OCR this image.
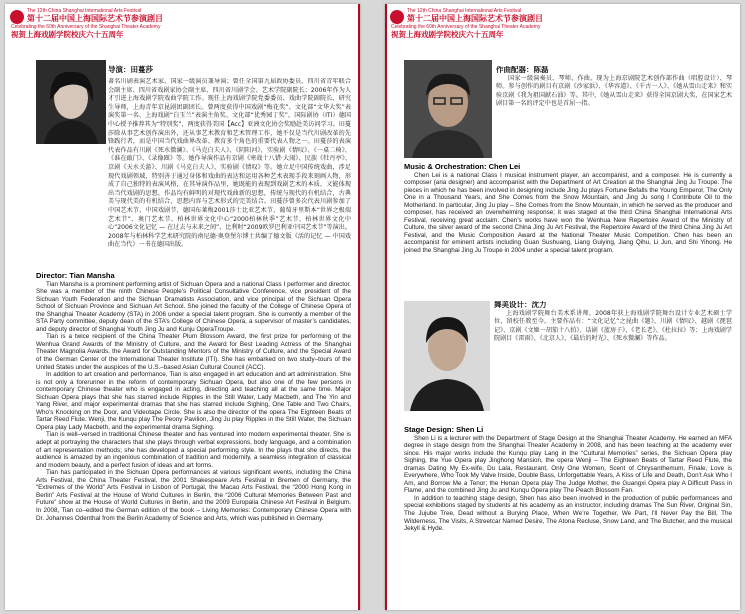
The 12th China Shanghai International Arts Festival
第十二届中国上海国际艺术节参演剧目
Celebrating the 60th Anniversary of the Shanghai Theater Academy
视贺上海戏剧学院校庆六十五周年
导演：田蔓莎

著名川剧表演艺术家、国家一级演员兼导演；曾任全国第九届政协委员、四川省青年联合会副主席、四川省戏剧家协会副主席、四川省川剧学会、艺术学院副院长；2006年作为人才引进上海戏剧学院戏曲学院工作。现任上海戏剧学院党委委员、戏曲学院副院长、研究生导师，上海青年京昆剧团副团长。曾两度获得中国戏剧“梅花奖”、文化部“文华大奖”表演奖第一名、上海戏剧“白玉兰”表演主角奖、文化部“优秀园丁奖”，国际剧协（ITI）德国中心授予推荐其为“特别奖”，两度获得美国【Acc】亚洲文化协会奖励赴美访问学习。田蔓莎除从事艺术创作演出外，还从事艺术教育和艺术管理工作，她不仅是当代川剧改革的先锋践行者，而是中国当代戏曲界改革、教育多个角色的重要代表人物之一。田蔓莎的表演代表作品有川剧《死水微澜》、《马克白夫人》、《阴阳河》，实验剧《情叹》、《一桌二椅》、《谁在敲门》、《录像圈》等。她作导演作品有京剧《寒战十八错·大闹》、民族《牡丹亭》、京剧《天水关游》、川剧《马克白夫人》、实验剧《情叹》等。她立足中国传统戏曲，涉足现代戏剧领域，特别善于通过身体和戏曲的表达和运用各种艺术表现手段来刻画人物，形成了自己独特的表演风格，在其导演作品里，她既能的表现到戏剧艺术的本质，又能体现出当代戏剧的思想，作品均有鲜明的对现代戏曲新的思想，传统与现代的有机结合，古典美与现代美的有机结合，思想内容与艺术形式的完美结合。田蔓莎曾多次代表川剧参加了中国艺术节、中国戏剧节、德国布莱梅2001莎士比亚艺术节、葡萄牙里斯本“世界之极端艺术节”、奥门艺术节、柏林世界文化中心“2000柏林秋季”艺术节、柏林世界文化中心“2006文化记忆 — 在过去与未来之间”、比利时“2009欧罗巴利亚中国艺术节”等演出。2008年与柏林科学艺术研究院的南尼德·奥登堡尔博士共编了德文版《活的记忆 — 中国戏曲在当代》一书在德国出版。

Director: Tian Mansha

Tian Mansha is a prominent performing artist of Sichuan Opera and a national Class I performer and director. She was a member of the ninth Chinese People’s Political Consultative Conference, vice president of the Sichuan Youth Federation and the Sichuan Dramatists Association, and vice principal of the Sichuan Opera School of Sichuan Province and Sichuan Art School. She joined the faculty of the College of Chinese Opera of the Shanghai Theater Academy (STA) in 2006 under a special talent program. She is currently a member of the STA Party committee, deputy dean of the STA’s College of Chinese Opera, a supervisor of master’s candidates, and deputy director of Shanghai Youth Jing Ju and Kunju OperaTroupe.

Tian is a twice recipient of the China Theater Plum Blossom Award, the first prize for performing of the Wenhua Grand Awards of the Ministry of Culture, and the Award for Best Leading Actress of the Shanghai Theater Magnolia Awards, the Award for Outstanding Mentors of the Ministry of Culture, and the Special Award of the German Center of the International Theater Institute (ITI). She has embarked on two study–tours of the United States under the auspices of the U.S.–based Asian Cultural Council (ACC).

In addition to art creation and performance, Tian is also engaged in art education and art administration. She is not only a forerunner in the reform of contemporary Sichuan Opera, but also one of the few persons in contemporary Chinese theater who is engaged in acting, directing and teaching all at the same time. Major Sichuan Opera plays that she has starred include Ripples in the Still Water, Lady Macbeth, and The Yin and Yang River, and major experimental dramas that she has starred include Sighing, One Table and Two Chairs, Who’s Knocking on the Door, and Videotape Circle. She is also the director of the opera The Eighteen Beats of Tartar Reed Flute. Wenji, the Kunqu play The Peony Pavilion, Jing Ju play Ripples in the Still Water, the Sichuan Opera play Lady Macbeth, and the experimental drama Sighing.

Tian is well–versed in traditional Chinese theater and has ventured into modern experimental theater. She is adept at portraying the characters that she plays through verbal expressions, body language, and a combination of art representation methods; she has developed a special performing style. In the plays that she directs, the audience is amazed by an ingenious combination of tradition and modernity, a seamless integration of classical and modern beauty, and a perfect fusion of ideas and art forms.

Tian has participated in the Sichuan Opera performances at various significant events, including the China Arts Festival, the China Theater Festival, the 2001 Shakespeare Arts Festival in Bremen of Germany, the “Extremes of the World” Arts Festival in Lisbon of Portugal, the Macao Arts Festival, the “2000 Hong Kong in Berlin” Arts Festival at the House of World Cultures in Berlin, the “2006 Cultural Memories Between Past and Future” show at the House of World Cultures in Berlin, and the 2009 Europalia Chinese Art Festival in Belgium. In 2008, Tian co–edited the German edition of the book – Living Memories: Contemporary Chinese Opera with Dr. Johannes Odenthal from the Berlin Academy of Science and Arts, which was published in Germany.

The 12th China Shanghai International Arts Festival
第十二届中国上海国际艺术节参演剧目
Celebrating the 60th Anniversary of the Shanghai Theater Academy
视贺上海戏剧学院校庆六十五周年
作曲配器：陈磊

国家一级演奏员、琴师、作曲。现为上海京剧院艺术创作部作曲（唱腔设计）、琴师。参与创作的剧目有京剧《沙家浜》、《华容道》、《千古一人》、《她从雪山走来》和实验京剧《我为祖国献石油》等。其中，《她从雪山走来》获得全国京剧大奖，在国家艺术剧目第一名的评定中也是首屈一指。

Music & Orchestration: Chen Lei

Chen Lei is a national Class I musical instrument player, an accompanist, and a composer. He is currently a composer (aria designer) and accompanist with the Department of Art Creation at the Shanghai Jing Ju Troupe. The pieces in which he has been involved in designing include Jing Ju plays Fortune Befalls the Young Emperor, The Only One in a Thousand Years, and She Comes from the Snow Mountain, and Jing Ju song I Contribute Oil to the Motherland. In particular, Jing Ju play – She Comes from the Snow Mountain, in which he served as the producer and composer, has received an overwhelming response; it was staged at the third China Shanghai International Arts Festival, receiving great acclaim. Chen’s works have won the Wenhua New Repertoire Award of the Ministry of Culture, the silver award of the second China Jing Ju Art Festival, the Repertoire Award of the third China Jing Ju Art Festival, and the Music Composition Award at the National Theater Music Competition. Chen has been an accompanist for eminent artists including Guan Sushuang, Liang Guiying, Jiang Qihu, Li Jun, and Shi Yihong. He joined the Shanghai Jing Ju Troupe in 2004 under a special talent program.

舞美设计：沈力

上海戏剧学院舞台美术系讲师，2008年获上海戏剧学院舞台设计专业艺术硕士学位，留校任教至今。主要作品有：“文化记忆”之昆曲《题》、川剧《情叹》、越剧《琵琶记》、京剧《文姬一胡笳十八拍》、话剧《蓝房子》、《老长老》、《杜拉拉》等；上海戏剧学院剧目《雷雨》、《北京人》、《最后的时光》、《死水微澜》等作品。

Stage Design: Shen Li

Shen Li is a lecturer with the Department of Stage Design at the Shanghai Theater Academy. He earned an MFA degree in stage design from the Shanghai Theater Academy in 2008, and has been teaching at the academy ever since. His major works include the Kunqu play Lang in the “Cultural Memories” series, the Sichuan Opera play Sighing, the Yue Opera play Jinghong Mansion, the opera Wenji – The Eighteen Beats of Tartar Reed Flute, the dramas Dating My Ex-wife, Du Lala, Restaurant, Only One Women, Scent of Chrysanthemum, Finale, Love is Everywhere, Who Took My Valve Inside, Double Bass, Unforgettable Years, A Kiss of Life and Death, Don’t Ask Who I Am, and Borrow Me a Tenor; the Henan Opera play The Judge Mother, the Guangxi Opera play A Difficult Pass in Flame, and the combined Jing Ju and Kunqu Opera play The Peach Blossom Fan.

In addition to teaching stage design, Shen has also been involved in the production of public performances and special exhibitions staged by students at his academy as an instructor, including dramas The Sun River, Original Sin, The Jujube Tree, Dead without a Burying Place, When We’re Together, We Part, I’ll Never Pay the Bill, The Wilderness, The Visits, A Streetcar Named Desire, The Atona Recluse, Snow Land, and The Butcher, and the musical Jekyll & Hyde.
